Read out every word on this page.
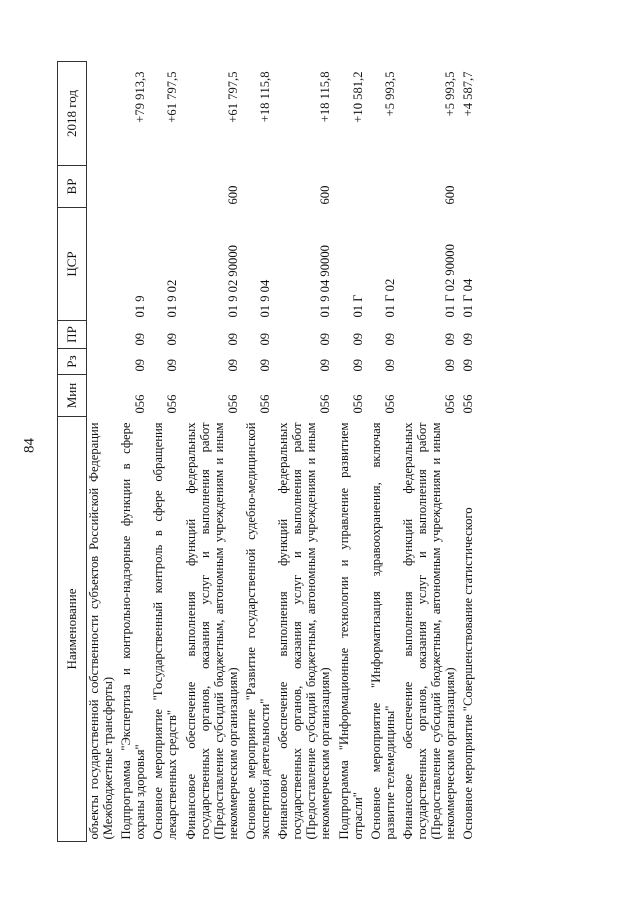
84
Наименование	Мин	Рз	ПР	ЦСР	ВР	2018 год
объекты государственной собственности субъектов Российской Федерации (Межбюджетные трансферты)						
Подпрограмма "Экспертиза и контрольно-надзорные функции в сфере охраны здоровья"	056	09	09	01 9		+79 913,3
Основное мероприятие "Государственный контроль в сфере обращения лекарственных средств"	056	09	09	01 9 02		+61 797,5
Финансовое обеспечение выполнения функций федеральных государственных органов, оказания услуг и выполнения работ (Предоставление субсидий бюджетным, автономным учреждениям и иным некоммерческим организациям)	056	09	09	01 9 02 90000	600	+61 797,5
Основное мероприятие "Развитие государственной судебно-медицинской экспертной деятельности"	056	09	09	01 9 04		+18 115,8
Финансовое обеспечение выполнения функций федеральных государственных органов, оказания услуг и выполнения работ (Предоставление субсидий бюджетным, автономным учреждениям и иным некоммерческим организациям)	056	09	09	01 9 04 90000	600	+18 115,8
Подпрограмма "Информационные технологии и управление развитием отрасли"	056	09	09	01 Г		+10 581,2
Основное мероприятие "Информатизация здравоохранения, включая развитие телемедицины"	056	09	09	01 Г 02		+5 993,5
Финансовое обеспечение выполнения функций федеральных государственных органов, оказания услуг и выполнения работ (Предоставление субсидий бюджетным, автономным учреждениям и иным некоммерческим организациям)	056	09	09	01 Г 02 90000	600	+5 993,5
Основное мероприятие "Совершенствование статистического	056	09	09	01 Г 04		+4 587,7
